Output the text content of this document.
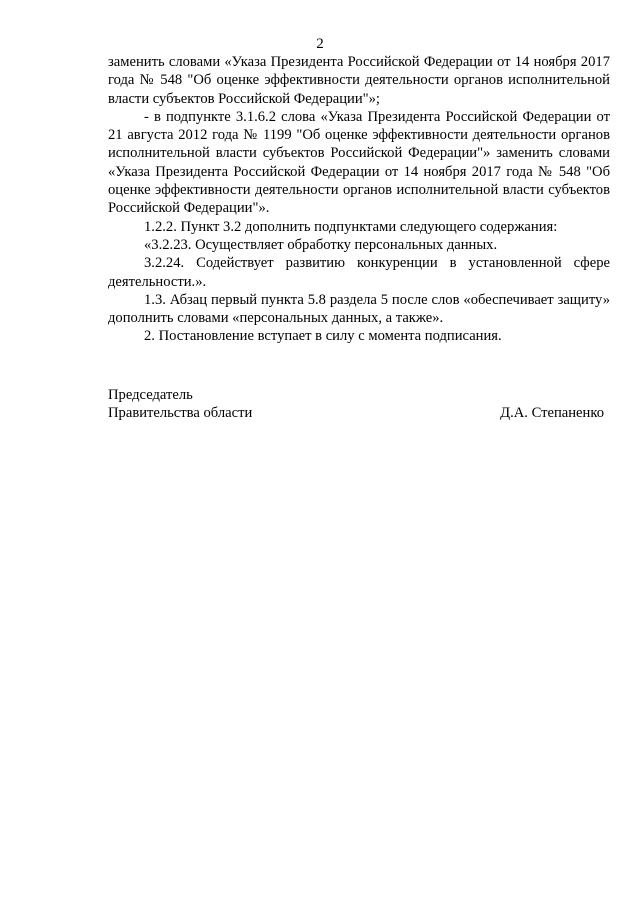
2

заменить словами «Указа Президента Российской Федерации от 14 ноября 2017 года № 548 "Об оценке эффективности деятельности органов исполнительной власти субъектов Российской Федерации"»;

- в подпункте 3.1.6.2 слова «Указа Президента Российской Федерации от 21 августа 2012 года № 1199 "Об оценке эффективности деятельности органов исполнительной власти субъектов Российской Федерации"» заменить словами «Указа Президента Российской Федерации от 14 ноября 2017 года № 548 "Об оценке эффективности деятельности органов исполнительной власти субъектов Российской Федерации"».

1.2.2. Пункт 3.2 дополнить подпунктами следующего содержания:

«3.2.23. Осуществляет обработку персональных данных.

3.2.24. Содействует развитию конкуренции в установленной сфере деятельности.».

1.3. Абзац первый пункта 5.8 раздела 5 после слов «обеспечивает защиту» дополнить словами «персональных данных, а также».

2. Постановление вступает в силу с момента подписания.

Председатель
Правительства области	Д.А. Степаненко
